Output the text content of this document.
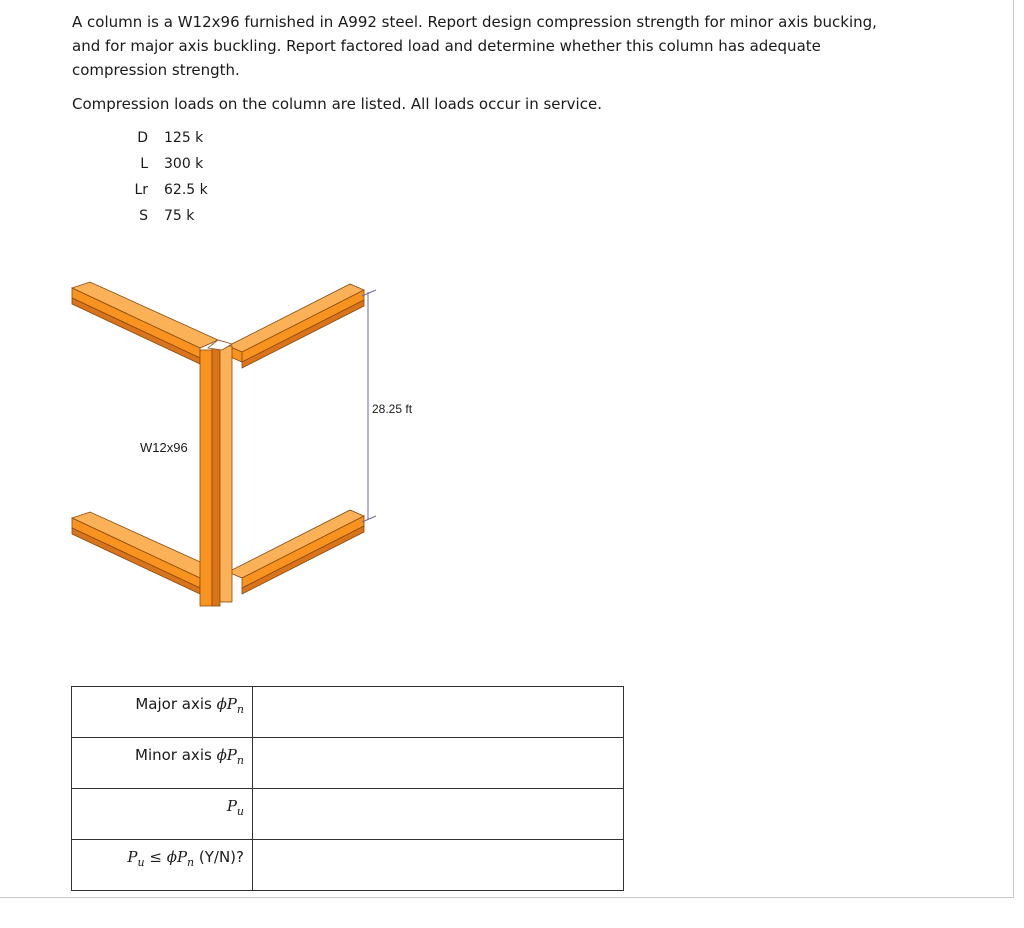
A column is a W12x96 furnished in A992 steel. Report design compression strength for minor axis bucking,
and for major axis buckling. Report factored load and determine whether this column has adequate
compression strength.

Compression loads on the column are listed. All loads occur in service.

D	125 k
L	300 k
Lr	62.5 k
S	75 k
28.25 ft
W12x96
Major axis $\phi P_n$	
Minor axis $\phi P_n$	
$P_u$	
$P_u \le \phi P_n$ (Y/N)?	
